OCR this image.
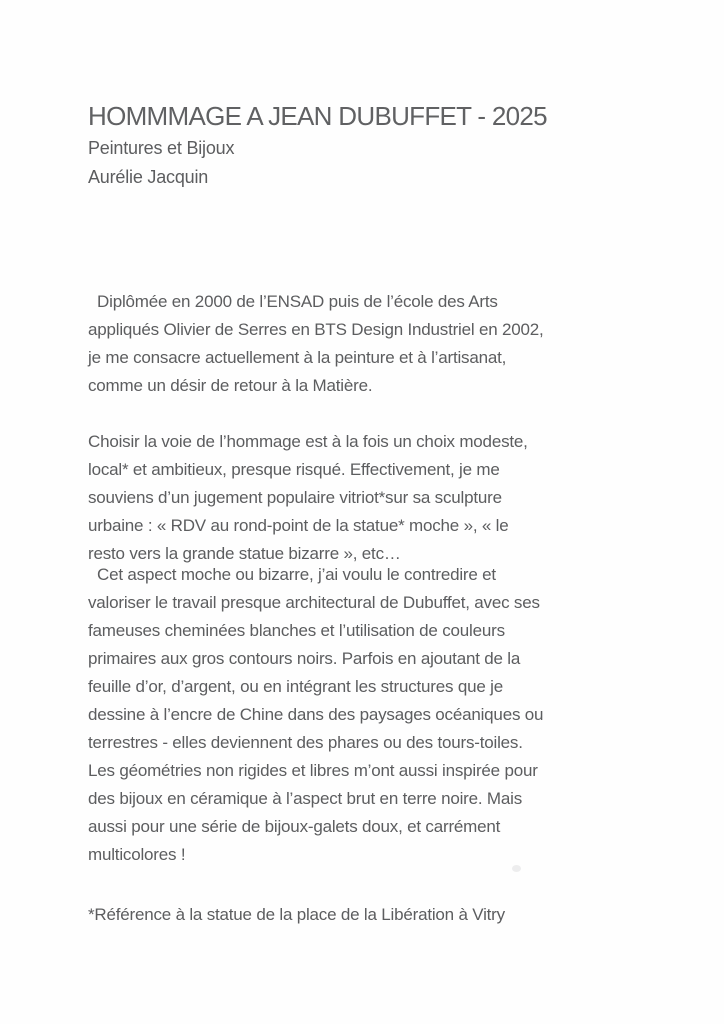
HOMMMAGE A JEAN DUBUFFET - 2025
Peintures et Bijoux
Aurélie Jacquin
Diplômée en 2000 de l’ENSAD puis de l’école des Arts
appliqués Olivier de Serres en BTS Design Industriel en 2002,
je me consacre actuellement à la peinture et à l’artisanat,
comme un désir de retour à la Matière.
Choisir la voie de l’hommage est à la fois un choix modeste,
local* et ambitieux, presque risqué. Effectivement, je me
souviens d’un jugement populaire vitriot*sur sa sculpture
urbaine : « RDV au rond-point de la statue* moche », « le
resto vers la grande statue bizarre », etc…
Cet aspect moche ou bizarre, j’ai voulu le contredire et
valoriser le travail presque architectural de Dubuffet, avec ses
fameuses cheminées blanches et l’utilisation de couleurs
primaires aux gros contours noirs. Parfois en ajoutant de la
feuille d’or, d’argent, ou en intégrant les structures que je
dessine à l’encre de Chine dans des paysages océaniques ou
terrestres - elles deviennent des phares ou des tours-toiles.
Les géométries non rigides et libres m’ont aussi inspirée pour
des bijoux en céramique à l’aspect brut en terre noire. Mais
aussi pour une série de bijoux-galets doux, et carrément
multicolores !
*Référence à la statue de la place de la Libération à Vitry
